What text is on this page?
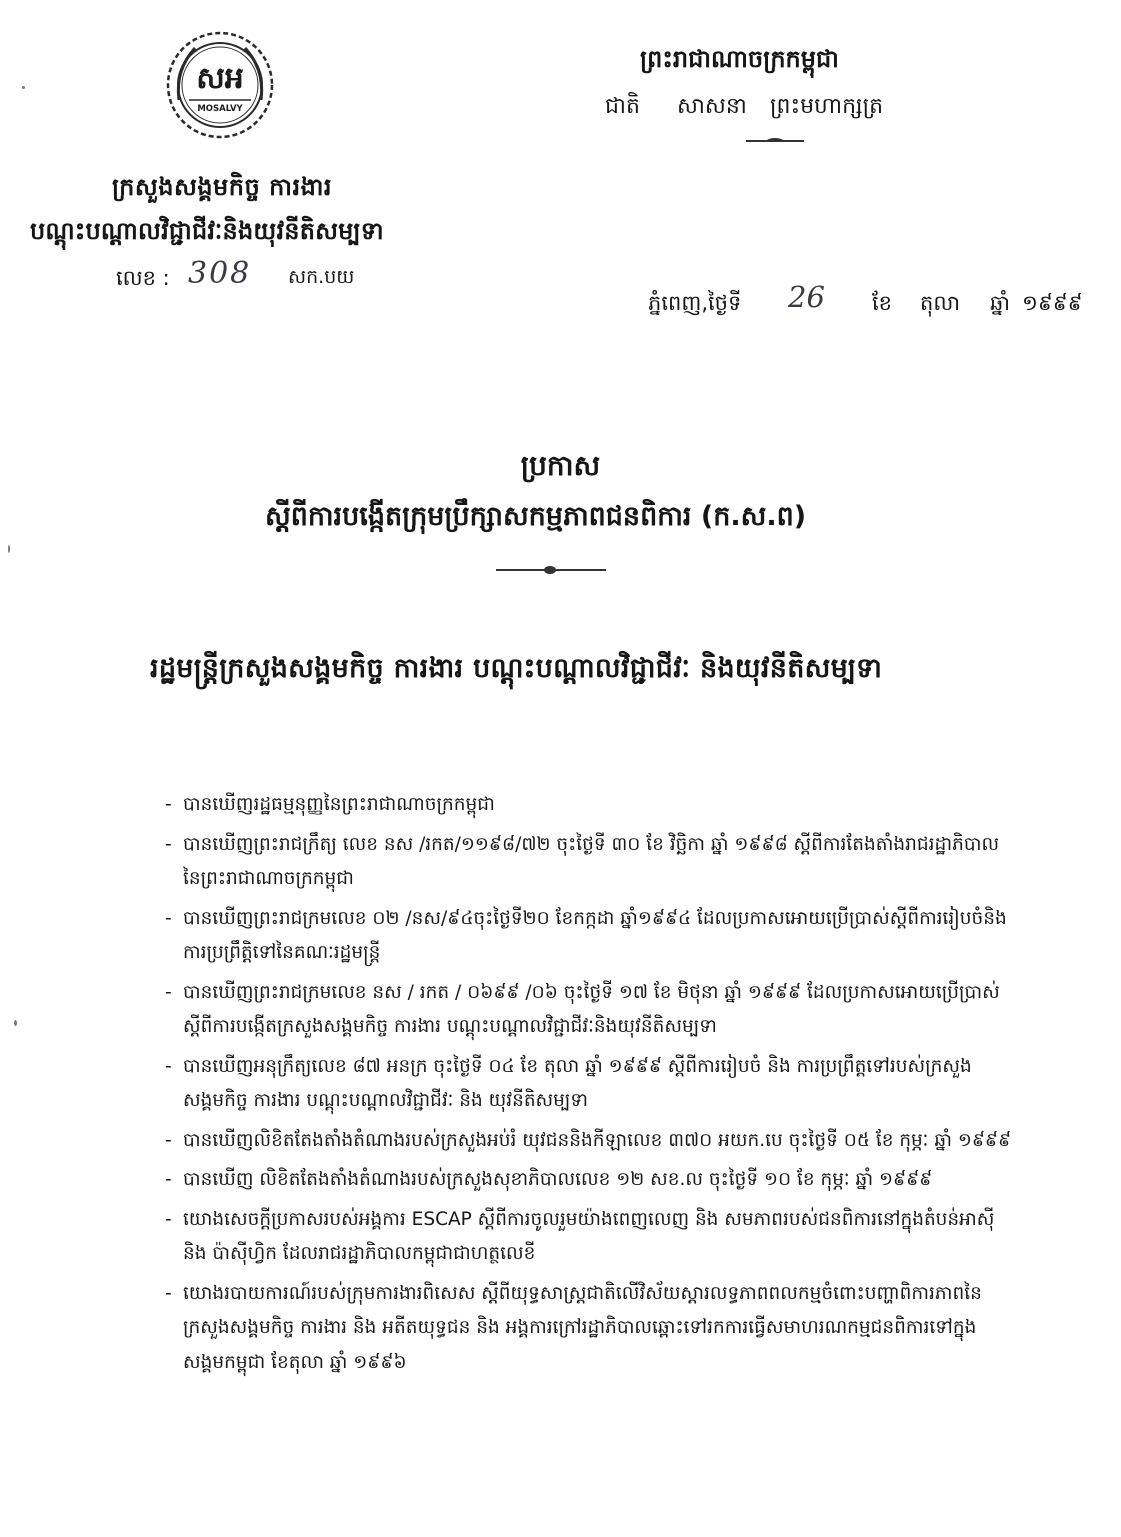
សអ
MOSALVY
ក្រសួងសង្គមកិច្ច ការងារ
បណ្តុះបណ្តាលវិជ្ជាជីវៈនិងយុវនីតិសម្បទា
លេខ : 308 សក.បយ
ព្រះរាជាណាចក្រកម្ពុជា
ជាតិ សាសនា ព្រះមហាក្សត្រ
ភ្នំពេញ,ថ្ងៃទី 26 ខែ តុលា ឆ្នាំ ១៩៩៩
ប្រកាស
ស្តីពីការបង្កើតក្រុមប្រឹក្សាសកម្មភាពជនពិការ (ក.ស.ព)
រដ្ឋមន្ត្រីក្រសួងសង្គមកិច្ច ការងារ បណ្តុះបណ្តាលវិជ្ជាជីវៈ និងយុវនីតិសម្បទា
- បានឃើញរដ្ឋធម្មនុញ្ញនៃព្រះរាជាណាចក្រកម្ពុជា
- បានឃើញព្រះរាជក្រឹត្យ លេខ នស /រកត/១១៩៨/៧២ ចុះថ្ងៃទី ៣០ ខែ វិច្ឆិកា ឆ្នាំ ១៩៩៨ ស្តីពីការតែងតាំងរាជរដ្ឋាភិបាល
នៃព្រះរាជាណាចក្រកម្ពុជា
- បានឃើញព្រះរាជក្រមលេខ ០២ /នស/៩៤ចុះថ្ងៃទី២០ ខែកក្កដា ឆ្នាំ១៩៩៤ ដែលប្រកាសអោយប្រើប្រាស់ស្តីពីការរៀបចំនិង
ការប្រព្រឹត្តិទៅនៃគណៈរដ្ឋមន្ត្រី
- បានឃើញព្រះរាជក្រមលេខ នស / រកត / ០៦៩៩ /០៦ ចុះថ្ងៃទី ១៧ ខែ មិថុនា ឆ្នាំ ១៩៩៩ ដែលប្រកាសអោយប្រើប្រាស់
ស្តីពីការបង្កើតក្រសួងសង្គមកិច្ច ការងារ បណ្តុះបណ្តាលវិជ្ជាជីវៈនិងយុវនីតិសម្បទា
- បានឃើញអនុក្រឹត្យលេខ ៨៧ អនក្រ ចុះថ្ងៃទី ០៤ ខែ តុលា ឆ្នាំ ១៩៩៩ ស្តីពីការរៀបចំ និង ការប្រព្រឹត្តទៅរបស់ក្រសួង
សង្គមកិច្ច ការងារ បណ្តុះបណ្តាលវិជ្ជាជីវៈ និង យុវនីតិសម្បទា
- បានឃើញលិខិតតែងតាំងតំណាងរបស់ក្រសួងអប់រំ យុវជននិងកីឡាលេខ ៣៧០ អយក.បេ ចុះថ្ងៃទី ០៥ ខែ កុម្ភៈ ឆ្នាំ ១៩៩៩
- បានឃើញ លិខិតតែងតាំងតំណាងរបស់ក្រសួងសុខាភិបាលលេខ ១២ សខ.ល ចុះថ្ងៃទី ១០ ខែ កុម្ភៈ ឆ្នាំ ១៩៩៩
- យោងសេចក្តីប្រកាសរបស់អង្គការ ESCAP ស្តីពីការចូលរួមយ៉ាងពេញលេញ និង សមភាពរបស់ជនពិការនៅក្នុងតំបន់អាស៊ី
និង ប៉ាស៊ីហ្វិក ដែលរាជរដ្ឋាភិបាលកម្ពុជាជាហត្ថលេខី
- យោងរបាយការណ៍របស់ក្រុមការងារពិសេស ស្តីពីយុទ្ធសាស្ត្រជាតិលើវិស័យស្តារលទ្ធភាពពលកម្មចំពោះបញ្ហាពិការភាពនៃ
ក្រសួងសង្គមកិច្ច ការងារ និង អតីតយុទ្ធជន និង អង្គការក្រៅរដ្ឋាភិបាលឆ្ពោះទៅរកការធ្វើសមាហរណកម្មជនពិការទៅក្នុង
សង្គមកម្ពុជា ខែតុលា ឆ្នាំ ១៩៩៦
